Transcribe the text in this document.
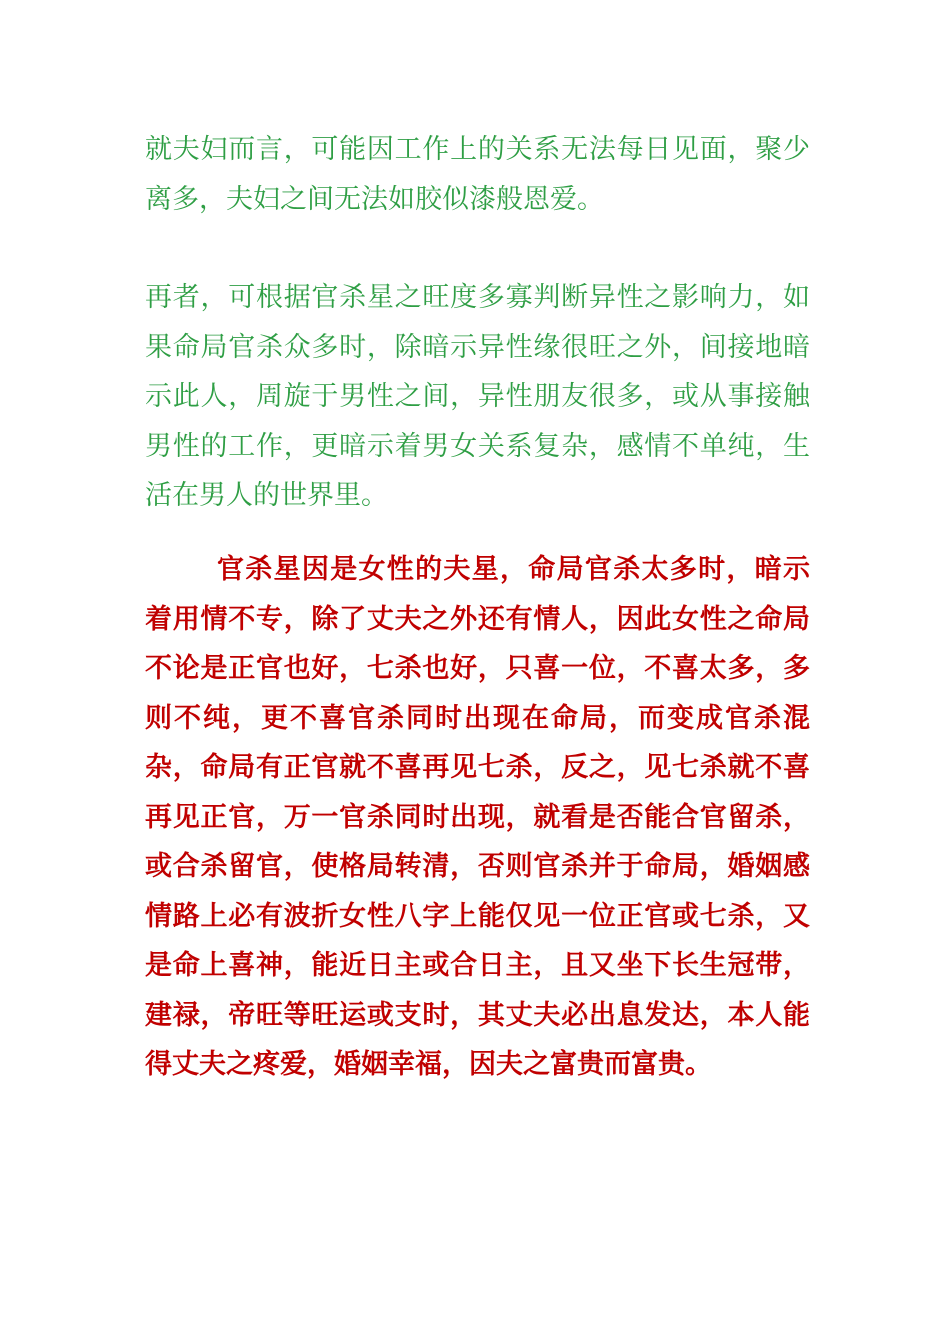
就夫妇而言，可能因工作上的关系无法每日见面，聚少离多，夫妇之间无法如胶似漆般恩爱。

再者，可根据官杀星之旺度多寡判断异性之影响力，如果命局官杀众多时，除暗示异性缘很旺之外，间接地暗示此人，周旋于男性之间，异性朋友很多，或从事接触男性的工作，更暗示着男女关系复杂，感情不单纯，生活在男人的世界里。

官杀星因是女性的夫星，命局官杀太多时，暗示着用情不专，除了丈夫之外还有情人，因此女性之命局不论是正官也好，七杀也好，只喜一位，不喜太多，多则不纯，更不喜官杀同时出现在命局，而变成官杀混杂，命局有正官就不喜再见七杀，反之，见七杀就不喜再见正官，万一官杀同时出现，就看是否能合官留杀，或合杀留官，使格局转清，否则官杀并于命局，婚姻感情路上必有波折女性八字上能仅见一位正官或七杀，又是命上喜神，能近日主或合日主，且又坐下长生冠带，建禄，帝旺等旺运或支时，其丈夫必出息发达，本人能得丈夫之疼爱，婚姻幸福，因夫之富贵而富贵。
